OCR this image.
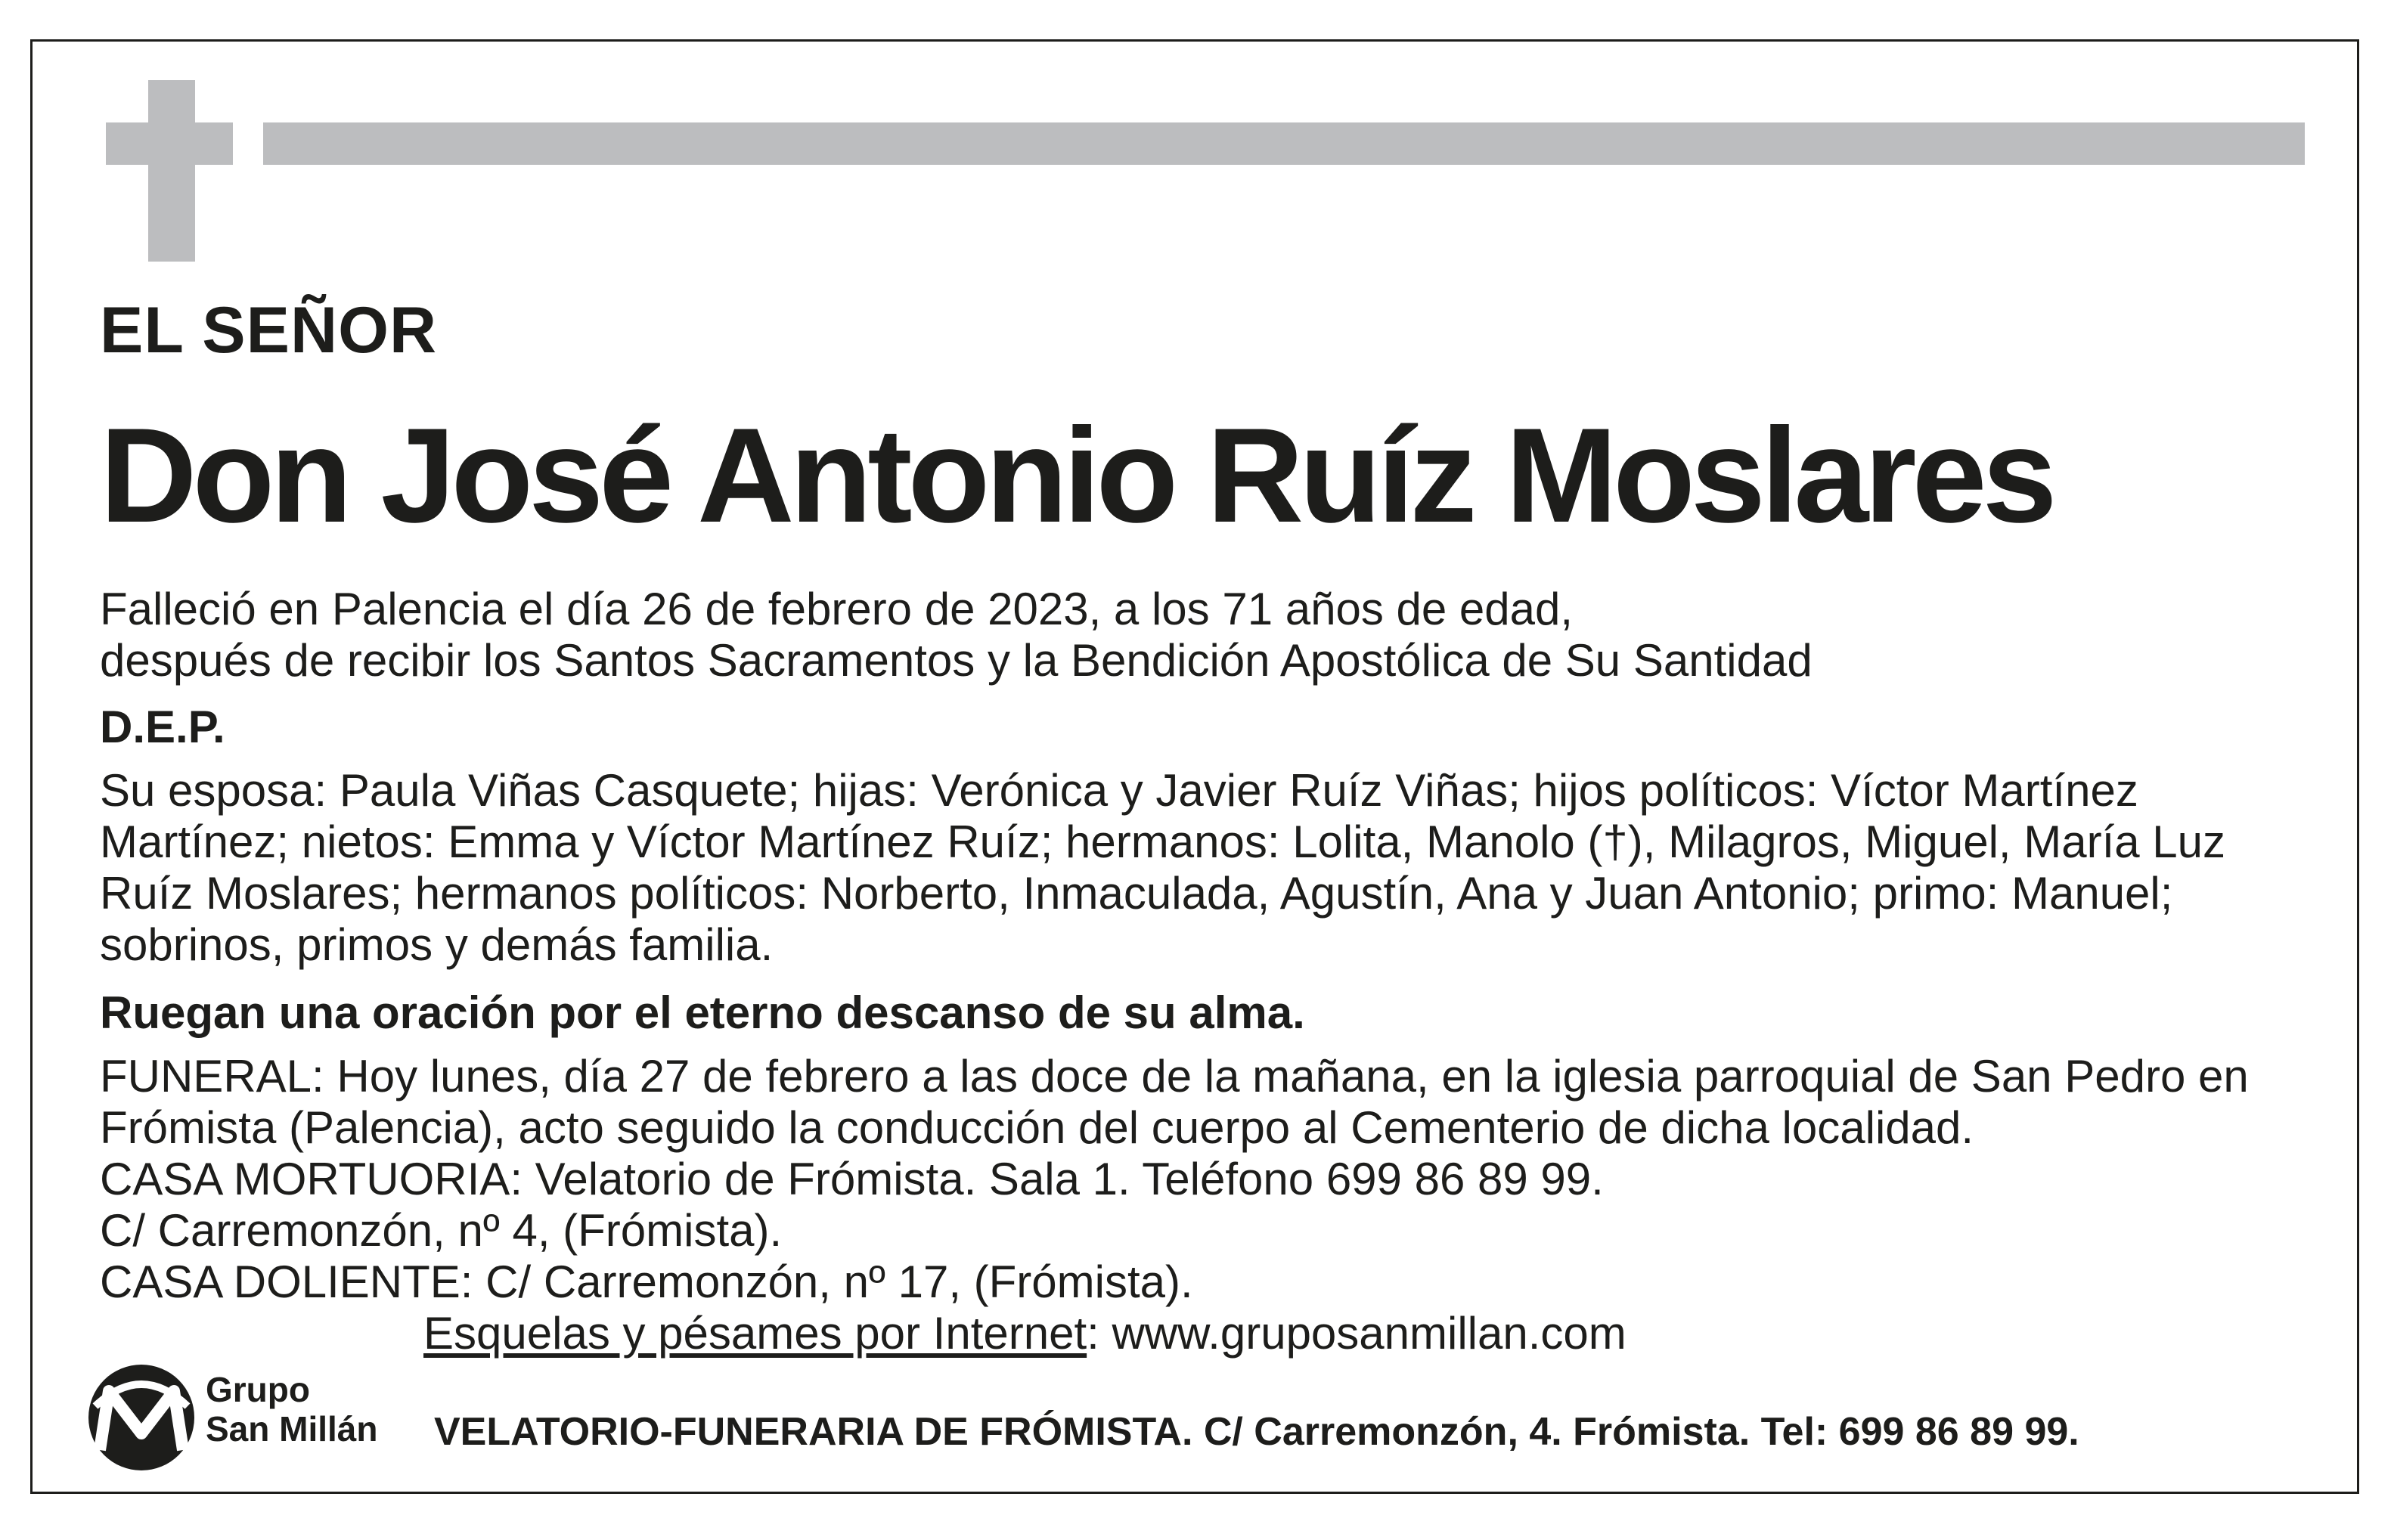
EL SEÑOR

Don José Antonio Ruíz Moslares

Falleció en Palencia el día 26 de febrero de 2023, a los 71 años de edad,
después de recibir los Santos Sacramentos y la Bendición Apostólica de Su Santidad

D.E.P.

Su esposa: Paula Viñas Casquete; hijas: Verónica y Javier Ruíz Viñas; hijos políticos: Víctor Martínez
Martínez; nietos: Emma y Víctor Martínez Ruíz; hermanos: Lolita, Manolo (†), Milagros, Miguel, María Luz
Ruíz Moslares; hermanos políticos: Norberto, Inmaculada, Agustín, Ana y Juan Antonio; primo: Manuel;
sobrinos, primos y demás familia.

Ruegan una oración por el eterno descanso de su alma.

FUNERAL: Hoy lunes, día 27 de febrero a las doce de la mañana, en la iglesia parroquial de San Pedro en
Frómista (Palencia), acto seguido la conducción del cuerpo al Cementerio de dicha localidad.
CASA MORTUORIA: Velatorio de Frómista. Sala 1. Teléfono 699 86 89 99.
C/ Carremonzón, nº 4, (Frómista).
CASA DOLIENTE: C/ Carremonzón, nº 17, (Frómista).

Esquelas y pésames por Internet: www.gruposanmillan.com

Grupo
San Millán VELATORIO-FUNERARIA DE FRÓMISTA. C/ Carremonzón, 4. Frómista. Tel: 699 86 89 99.
